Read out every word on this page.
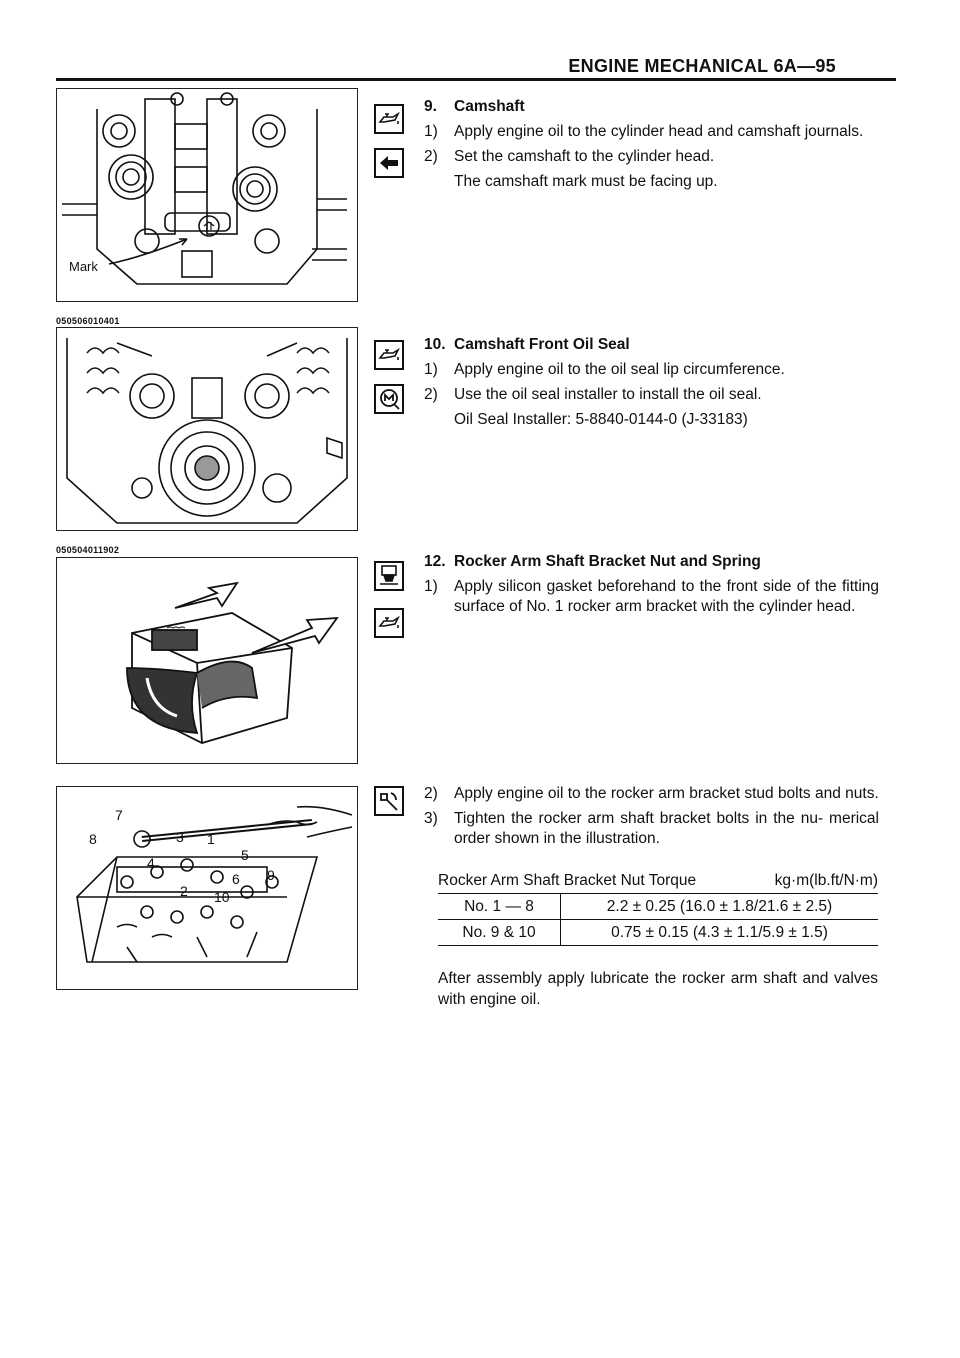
ENGINE MECHANICAL 6A—95
Mark
050506010401
050504011902
7
8	3 1
5
4
6 9
2 10
9. Camshaft
1) Apply engine oil to the cylinder head and camshaft journals.
2) Set the camshaft to the cylinder head.
The camshaft mark must be facing up.
10. Camshaft Front Oil Seal
1) Apply engine oil to the oil seal lip circumference.
2) Use the oil seal installer to install the oil seal.
Oil Seal Installer: 5-8840-0144-0 (J-33183)
12. Rocker Arm Shaft Bracket Nut and Spring
1) Apply silicon gasket beforehand to the front side of the fitting surface of No. 1 rocker arm bracket with the cylinder head.
2) Apply engine oil to the rocker arm bracket stud bolts and nuts.
3) Tighten the rocker arm shaft bracket bolts in the nu- merical order shown in the illustration.
Rocker Arm Shaft Bracket Nut Torque	kg·m(lb.ft/N·m)
No. 1 — 8	2.2 ± 0.25 (16.0 ± 1.8/21.6 ± 2.5)
No. 9 & 10	0.75 ± 0.15 (4.3 ± 1.1/5.9 ± 1.5)
After assembly apply lubricate the rocker arm shaft and valves with engine oil.
